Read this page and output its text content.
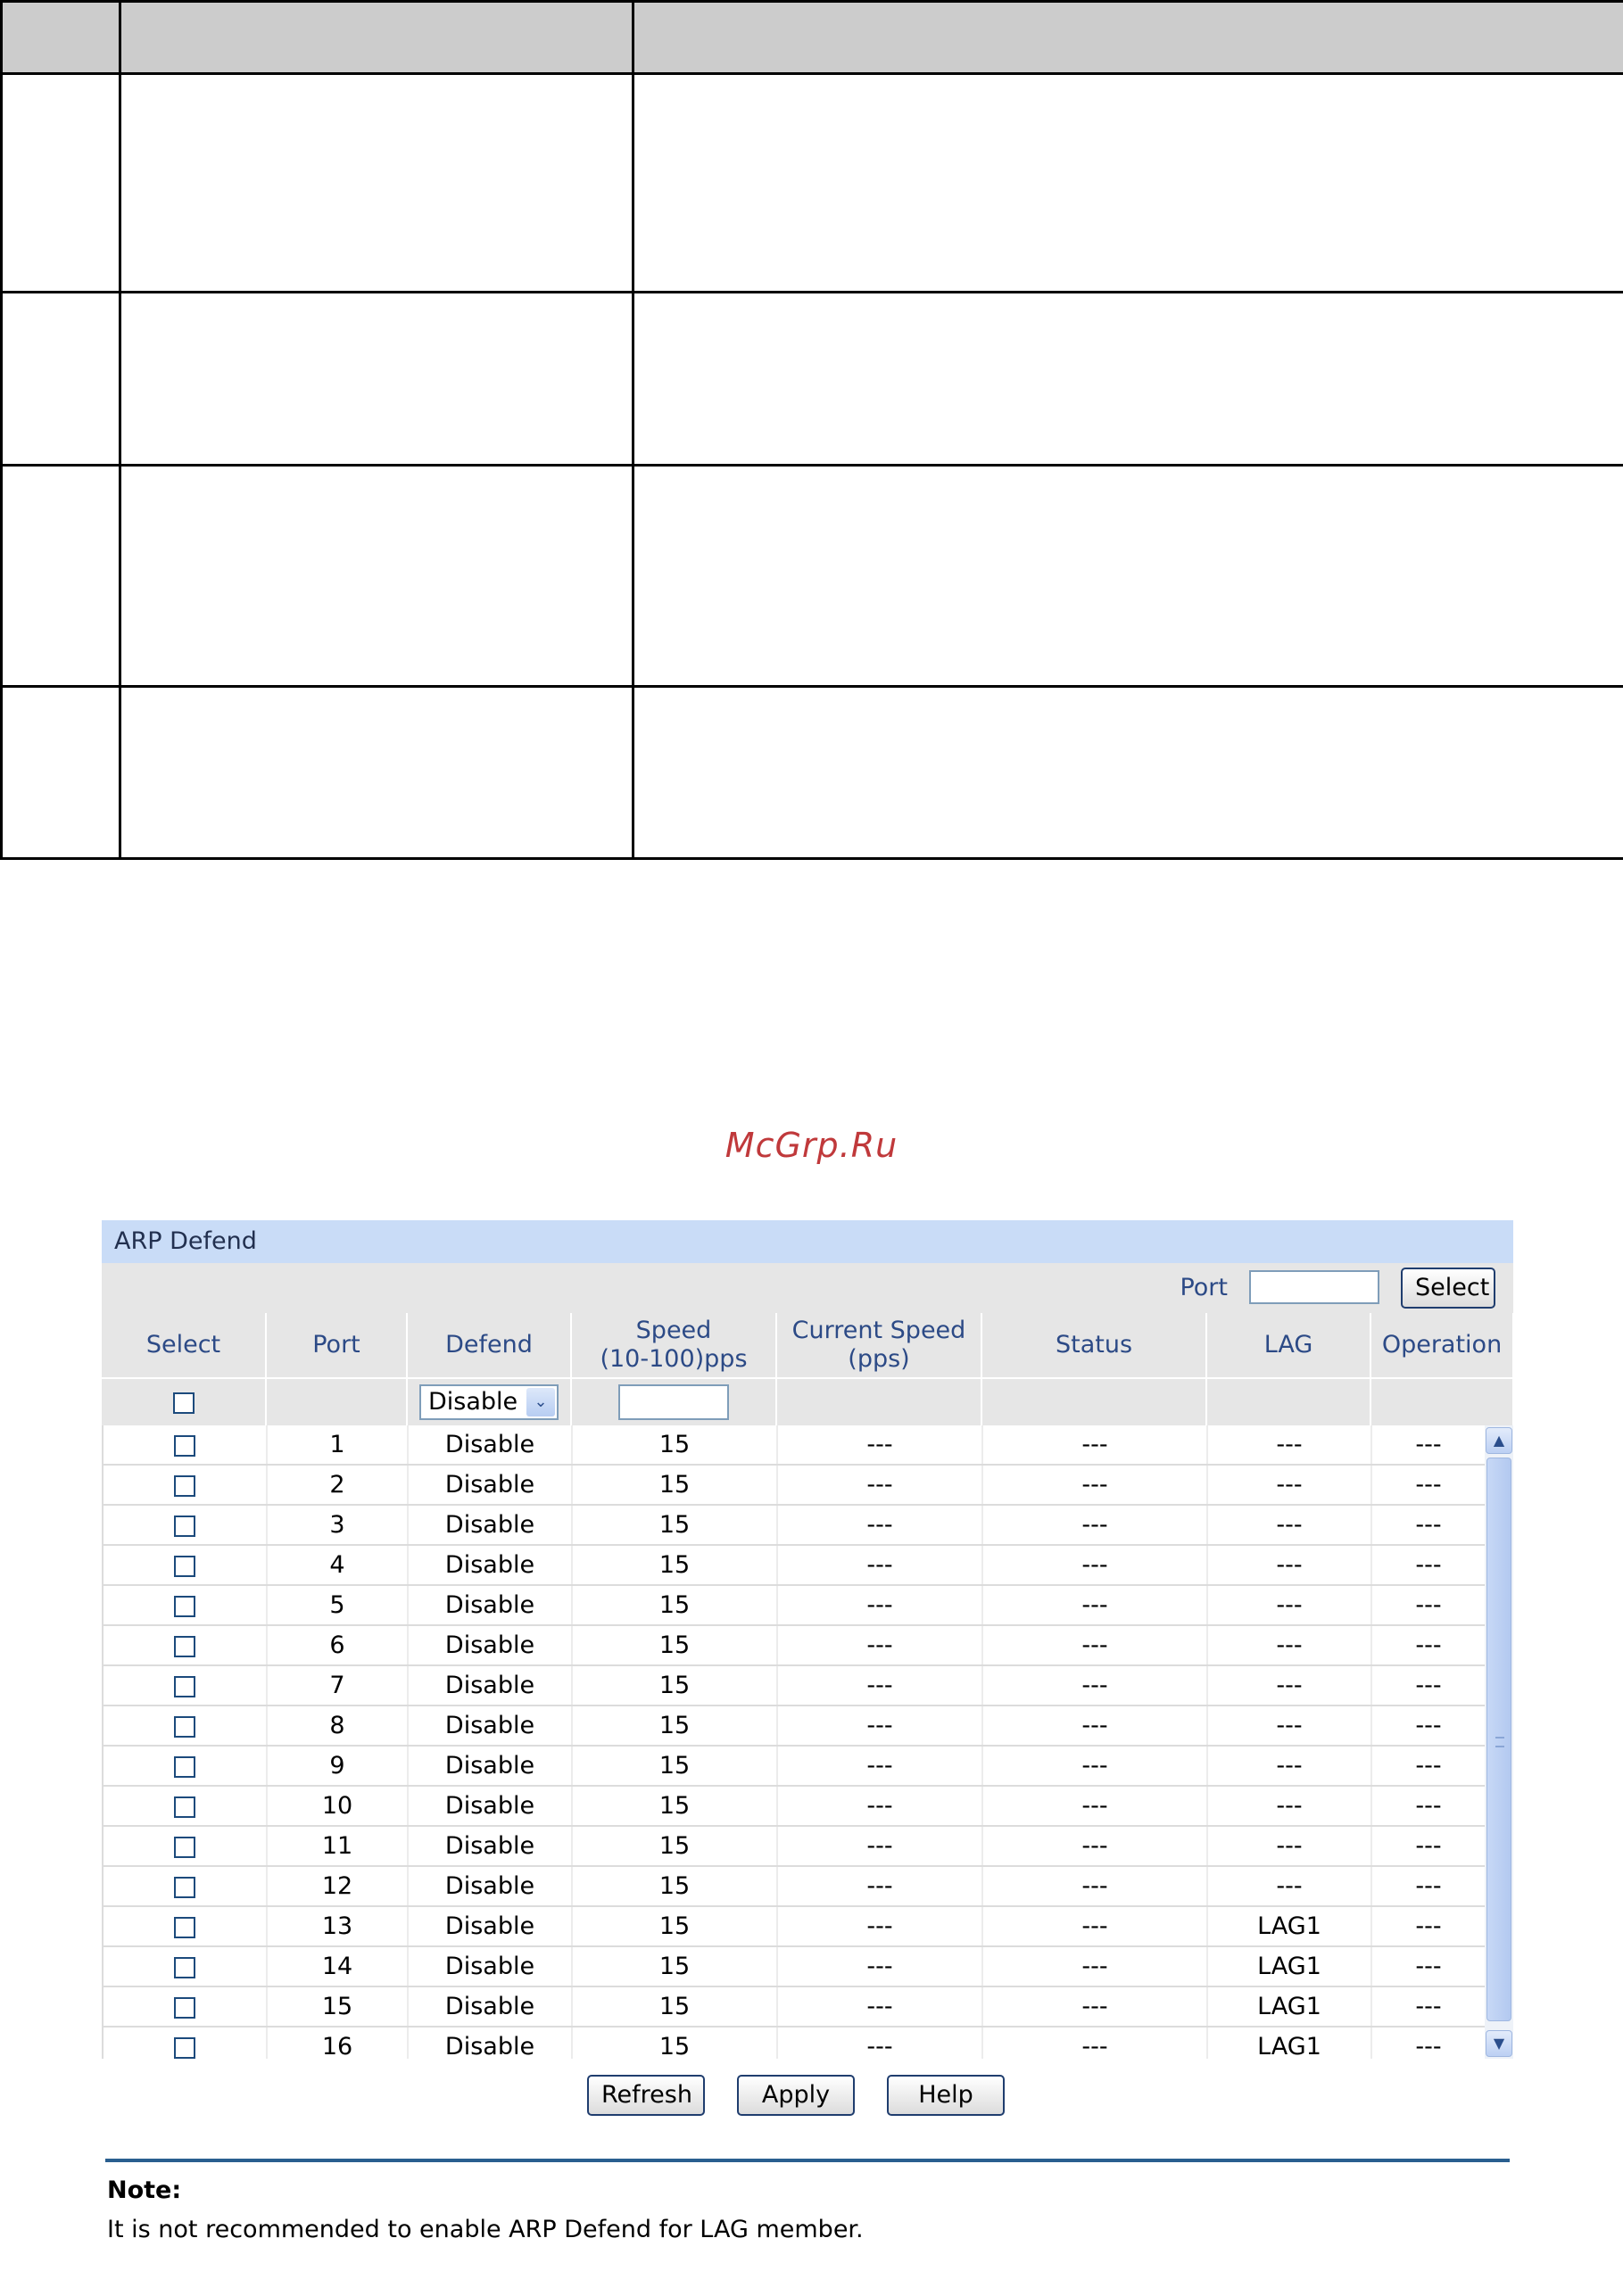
McGrp.Ru
ARP Defend
Port	Select
Select	Port	Defend	Speed
(10-100)pps	Current Speed
(pps)	Status	LAG	Operation

		Disable ⌄					

	1	Disable	15	---	---	---	---
	2	Disable	15	---	---	---	---
	3	Disable	15	---	---	---	---
	4	Disable	15	---	---	---	---
	5	Disable	15	---	---	---	---
	6	Disable	15	---	---	---	---
	7	Disable	15	---	---	---	---
	8	Disable	15	---	---	---	---
	9	Disable	15	---	---	---	---
	10	Disable	15	---	---	---	---
	11	Disable	15	---	---	---	---
	12	Disable	15	---	---	---	---
	13	Disable	15	---	---	LAG1	---
	14	Disable	15	---	---	LAG1	---
	15	Disable	15	---	---	LAG1	---
	16	Disable	15	---	---	LAG1	---
▲
▼
Refresh	Apply	Help
Note:
It is not recommended to enable ARP Defend for LAG member.
